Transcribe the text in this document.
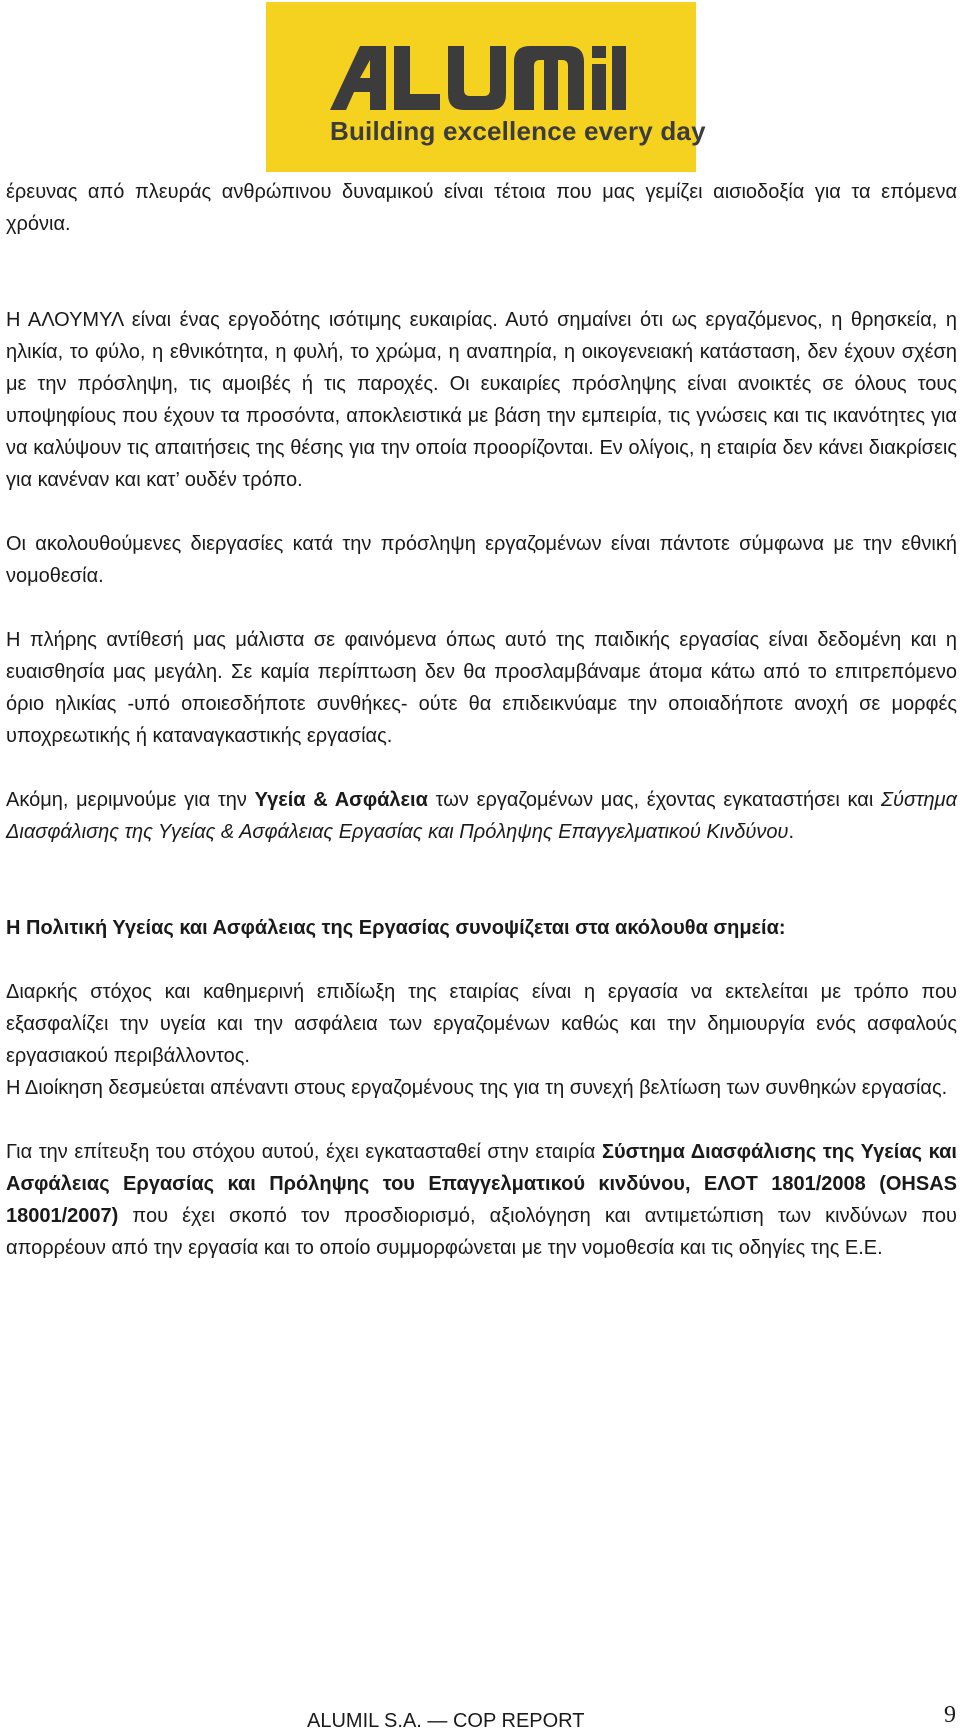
Building excellence every day

έρευνας από πλευράς ανθρώπινου δυναμικού είναι τέτοια που μας γεμίζει αισιοδοξία για τα επόμενα χρόνια.

Η ΑΛΟΥΜΥΛ είναι ένας εργοδότης ισότιμης ευκαιρίας. Αυτό σημαίνει ότι ως εργαζόμενος, η θρησκεία, η ηλικία, το φύλο, η εθνικότητα, η φυλή, το χρώμα, η αναπηρία, η οικογενειακή κατάσταση, δεν έχουν σχέση με την πρόσληψη, τις αμοιβές ή τις παροχές. Οι ευκαιρίες πρόσληψης είναι ανοικτές σε όλους τους υποψηφίους που έχουν τα προσόντα, αποκλειστικά με βάση την εμπειρία, τις γνώσεις και τις ικανότητες για να καλύψουν τις απαιτήσεις της θέσης για την οποία προορίζονται. Εν ολίγοις, η εταιρία δεν κάνει διακρίσεις για κανέναν και κατ’ ουδέν τρόπο.

Οι ακολουθούμενες διεργασίες κατά την πρόσληψη εργαζομένων είναι πάντοτε σύμφωνα με την εθνική νομοθεσία.

Η πλήρης αντίθεσή μας μάλιστα σε φαινόμενα όπως αυτό της παιδικής εργασίας είναι δεδομένη και η ευαισθησία μας μεγάλη. Σε καμία περίπτωση δεν θα προσλαμβάναμε άτομα κάτω από το επιτρεπόμενο όριο ηλικίας -υπό οποιεσδήποτε συνθήκες- ούτε θα επιδεικνύαμε την οποιαδήποτε ανοχή σε μορφές υποχρεωτικής ή καταναγκαστικής εργασίας.

Ακόμη, μεριμνούμε για την Υγεία & Ασφάλεια των εργαζομένων μας, έχοντας εγκαταστήσει και Σύστημα Διασφάλισης της Υγείας & Ασφάλειας Εργασίας και Πρόληψης Επαγγελματικού Κινδύνου.

Η Πολιτική Υγείας και Ασφάλειας της Εργασίας συνοψίζεται στα ακόλουθα σημεία:

Διαρκής στόχος και καθημερινή επιδίωξη της εταιρίας είναι η εργασία να εκτελείται με τρόπο που εξασφαλίζει την υγεία και την ασφάλεια των εργαζομένων καθώς και την δημιουργία ενός ασφαλούς εργασιακού περιβάλλοντος.

Η Διοίκηση δεσμεύεται απέναντι στους εργαζομένους της για τη συνεχή βελτίωση των συνθηκών εργασίας.

Για την επίτευξη του στόχου αυτού, έχει εγκατασταθεί στην εταιρία Σύστημα Διασφάλισης της Υγείας και Ασφάλειας Εργασίας και Πρόληψης του Επαγγελματικού κινδύνου, ΕΛΟΤ 1801/2008 (OHSAS 18001/2007) που έχει σκοπό τον προσδιορισμό, αξιολόγηση και αντιμετώπιση των κινδύνων που απορρέουν από την εργασία και το οποίο συμμορφώνεται με την νομοθεσία και τις οδηγίες της Ε.Ε.

ALUMIL S.A. — COP REPORT	9
